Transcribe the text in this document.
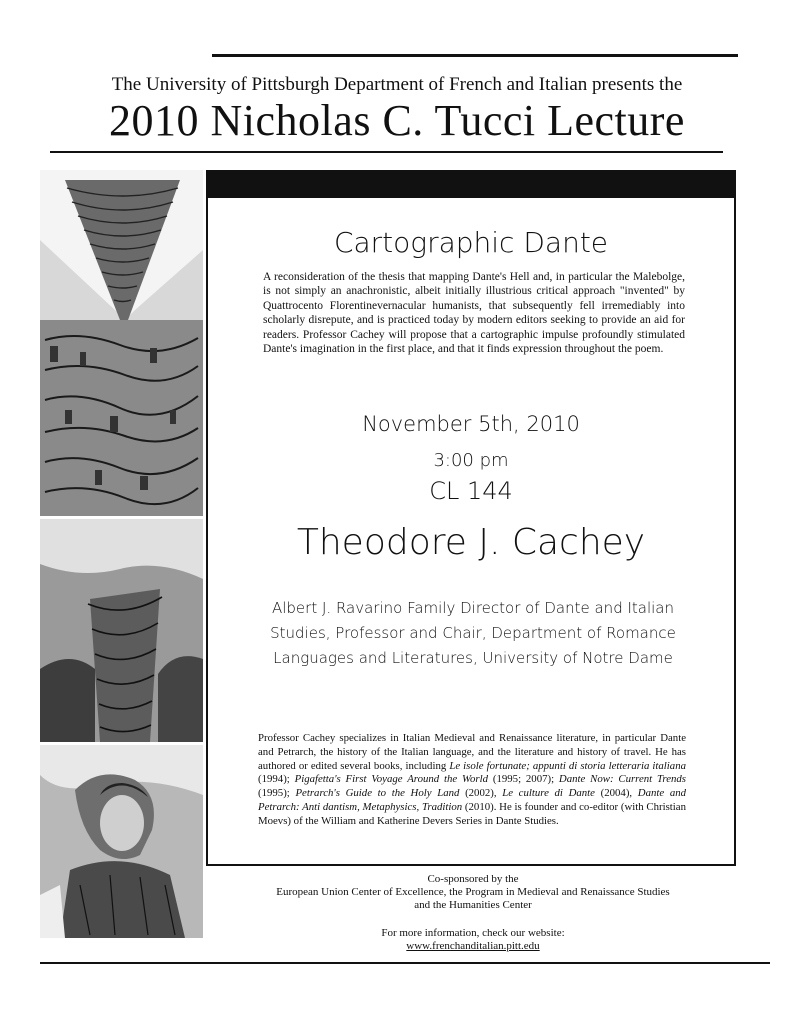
The University of Pittsburgh Department of French and Italian presents the
2010 Nicholas C. Tucci Lecture
Cartographic Dante
A reconsideration of the thesis that mapping Dante's Hell and, in particular the Malebolge, is not simply an anachronistic, albeit initially illustrious critical approach "invented" by Quattrocento Florentinevernacular humanists, that subsequently fell irremediably into scholarly disrepute, and is practiced today by modern editors seeking to provide an aid for readers. Professor Cachey will propose that a cartographic impulse profoundly stimulated Dante's imagination in the first place, and that it finds expression throughout the poem.
November 5th, 2010
3:00 pm
CL 144
Theodore J. Cachey
Albert J. Ravarino Family Director of Dante and Italian Studies, Professor and Chair, Department of Romance Languages and Literatures, University of Notre Dame
Professor Cachey specializes in Italian Medieval and Renaissance literature, in particular Dante and Petrarch, the history of the Italian language, and the literature and history of travel. He has authored or edited several books, including Le isole fortunate; appunti di storia letteraria italiana (1994); Pigafetta's First Voyage Around the World (1995; 2007); Dante Now: Current Trends (1995); Petrarch's Guide to the Holy Land (2002), Le culture di Dante (2004), Dante and Petrarch: Anti dantism, Metaphysics, Tradition (2010). He is founder and co-editor (with Christian Moevs) of the William and Katherine Devers Series in Dante Studies.
Co-sponsored by the
European Union Center of Excellence, the Program in Medieval and Renaissance Studies
and the Humanities Center
For more information, check our website:
www.frenchanditalian.pitt.edu
